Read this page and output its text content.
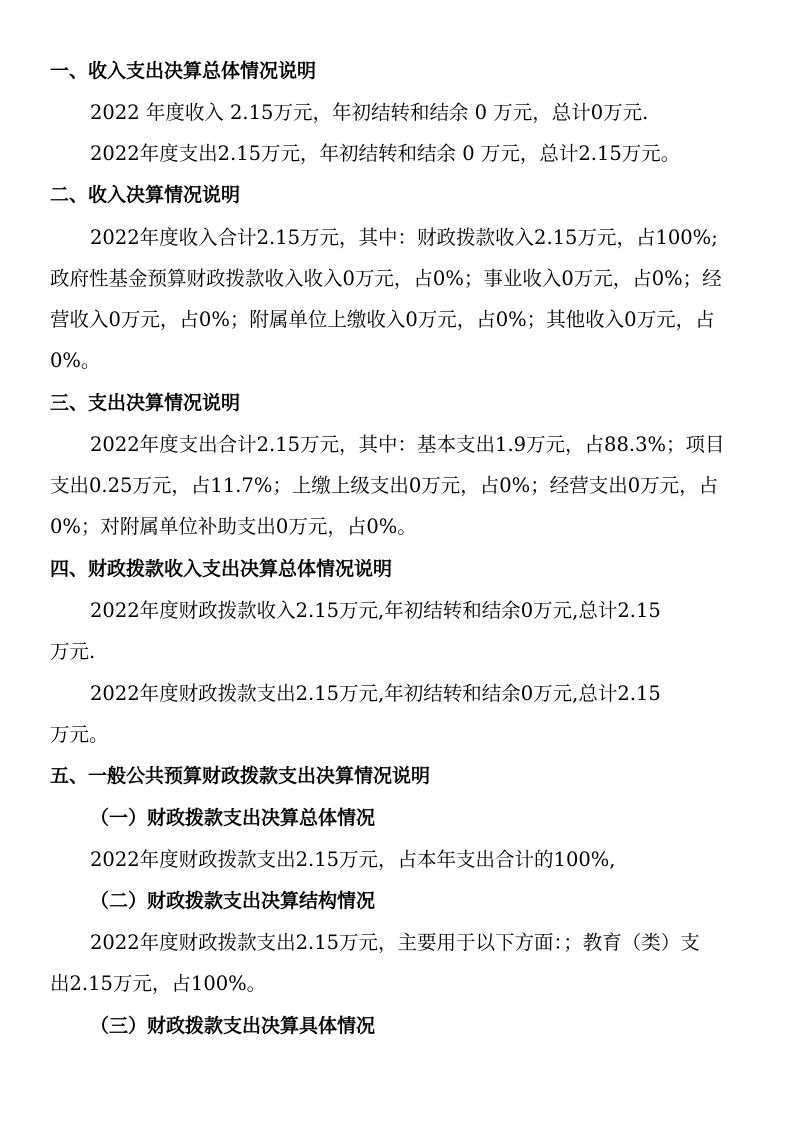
一、收入支出决算总体情况说明
2022 年度收入 2.15万元，年初结转和结余 0 万元，总计0万元.
2022年度支出2.15万元，年初结转和结余 0 万元，总计2.15万元。
二、收入决算情况说明
2022年度收入合计2.15万元，其中：财政拨款收入2.15万元，占100%;
政府性基金预算财政拨款收入收入0万元，占0%；事业收入0万元，占0%；经
营收入0万元，占0%；附属单位上缴收入0万元，占0%；其他收入0万元，占
0%。
三、支出决算情况说明
2022年度支出合计2.15万元，其中：基本支出1.9万元，占88.3%；项目
支出0.25万元，占11.7%；上缴上级支出0万元，占0%；经营支出0万元，占
0%；对附属单位补助支出0万元，占0%。
四、财政拨款收入支出决算总体情况说明
2022年度财政拨款收入2.15万元,年初结转和结余0万元,总计2.15
万元.
2022年度财政拨款支出2.15万元,年初结转和结余0万元,总计2.15
万元。
五、一般公共预算财政拨款支出决算情况说明
（一）财政拨款支出决算总体情况
2022年度财政拨款支出2.15万元，占本年支出合计的100%,
（二）财政拨款支出决算结构情况
2022年度财政拨款支出2.15万元，主要用于以下方面：；教育（类）支
出2.15万元，占100%。
（三）财政拨款支出决算具体情况
